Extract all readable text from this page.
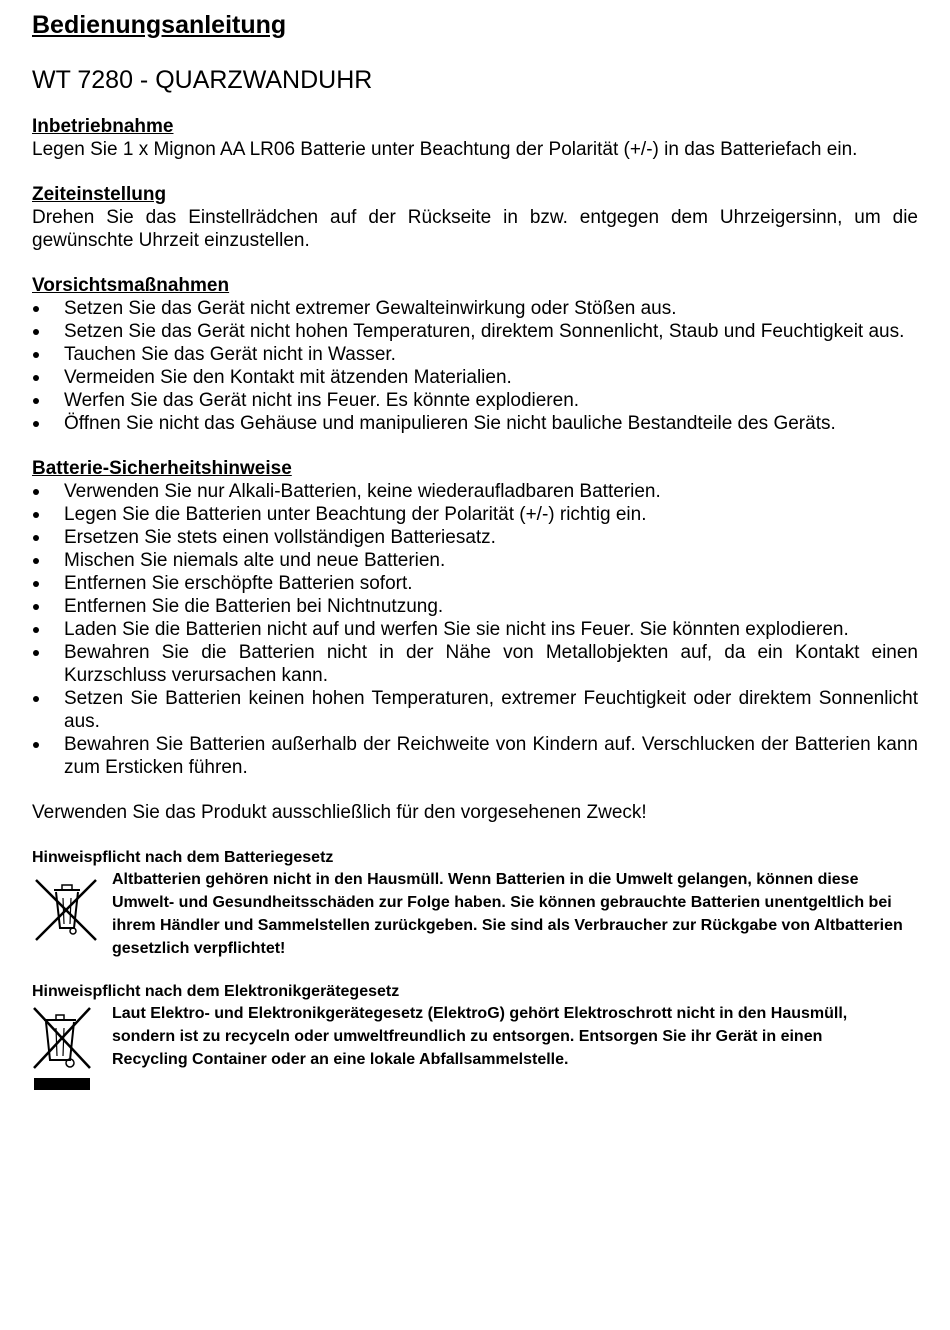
Bedienungsanleitung
WT 7280 - QUARZWANDUHR

Inbetriebnahme

Legen Sie 1 x Mignon AA LR06 Batterie unter Beachtung der Polarität (+/-) in das Batteriefach ein.

Zeiteinstellung

Drehen Sie das Einstellrädchen auf der Rückseite in bzw. entgegen dem Uhrzeigersinn, um die gewünschte Uhrzeit einzustellen.

Vorsichtsmaßnahmen

Setzen Sie das Gerät nicht extremer Gewalteinwirkung oder Stößen aus.
Setzen Sie das Gerät nicht hohen Temperaturen, direktem Sonnenlicht, Staub und Feuchtigkeit aus.
Tauchen Sie das Gerät nicht in Wasser.
Vermeiden Sie den Kontakt mit ätzenden Materialien.
Werfen Sie das Gerät nicht ins Feuer. Es könnte explodieren.
Öffnen Sie nicht das Gehäuse und manipulieren Sie nicht bauliche Bestandteile des Geräts.

Batterie-Sicherheitshinweise

Verwenden Sie nur Alkali-Batterien, keine wiederaufladbaren Batterien.
Legen Sie die Batterien unter Beachtung der Polarität (+/-) richtig ein.
Ersetzen Sie stets einen vollständigen Batteriesatz.
Mischen Sie niemals alte und neue Batterien.
Entfernen Sie erschöpfte Batterien sofort.
Entfernen Sie die Batterien bei Nichtnutzung.
Laden Sie die Batterien nicht auf und werfen Sie sie nicht ins Feuer. Sie könnten explodieren.
Bewahren Sie die Batterien nicht in der Nähe von Metallobjekten auf, da ein Kontakt einen Kurzschluss verursachen kann.
Setzen Sie Batterien keinen hohen Temperaturen, extremer Feuchtigkeit oder direktem Sonnenlicht aus.
Bewahren Sie Batterien außerhalb der Reichweite von Kindern auf. Verschlucken der Batterien kann zum Ersticken führen.

Verwenden Sie das Produkt ausschließlich für den vorgesehenen Zweck!

Hinweispflicht nach dem Batteriegesetz

Altbatterien gehören nicht in den Hausmüll. Wenn Batterien in die Umwelt gelangen, können diese Umwelt- und Gesundheitsschäden zur Folge haben. Sie können gebrauchte Batterien unentgeltlich bei ihrem Händler und Sammelstellen zurückgeben. Sie sind als Verbraucher zur Rückgabe von Altbatterien gesetzlich verpflichtet!

Hinweispflicht nach dem Elektronikgerätegesetz

Laut Elektro- und Elektronikgerätegesetz (ElektroG) gehört Elektroschrott nicht in den Hausmüll, sondern ist zu recyceln oder umweltfreundlich zu entsorgen. Entsorgen Sie ihr Gerät in einen Recycling Container oder an eine lokale Abfallsammelstelle.
